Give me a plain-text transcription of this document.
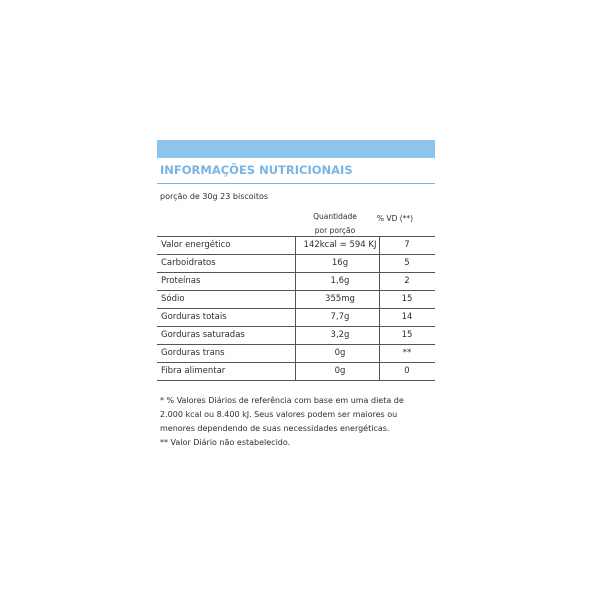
INFORMAÇÕES NUTRICIONAIS
porção de 30g 23 biscoitos
Quantidade
por porção
% VD (**)
Valor energético	142kcal = 594 KJ	7
Carboidratos	16g	5
Proteínas	1,6g	2
Sódio	355mg	15
Gorduras totais	7,7g	14
Gorduras saturadas	3,2g	15
Gorduras trans	0g	**
Fibra alimentar	0g	0
* % Valores Diários de referência com base em uma dieta de
2.000 kcal ou 8.400 kJ. Seus valores podem ser maiores ou
menores dependendo de suas necessidades energéticas.
** Valor Diário não estabelecido.
